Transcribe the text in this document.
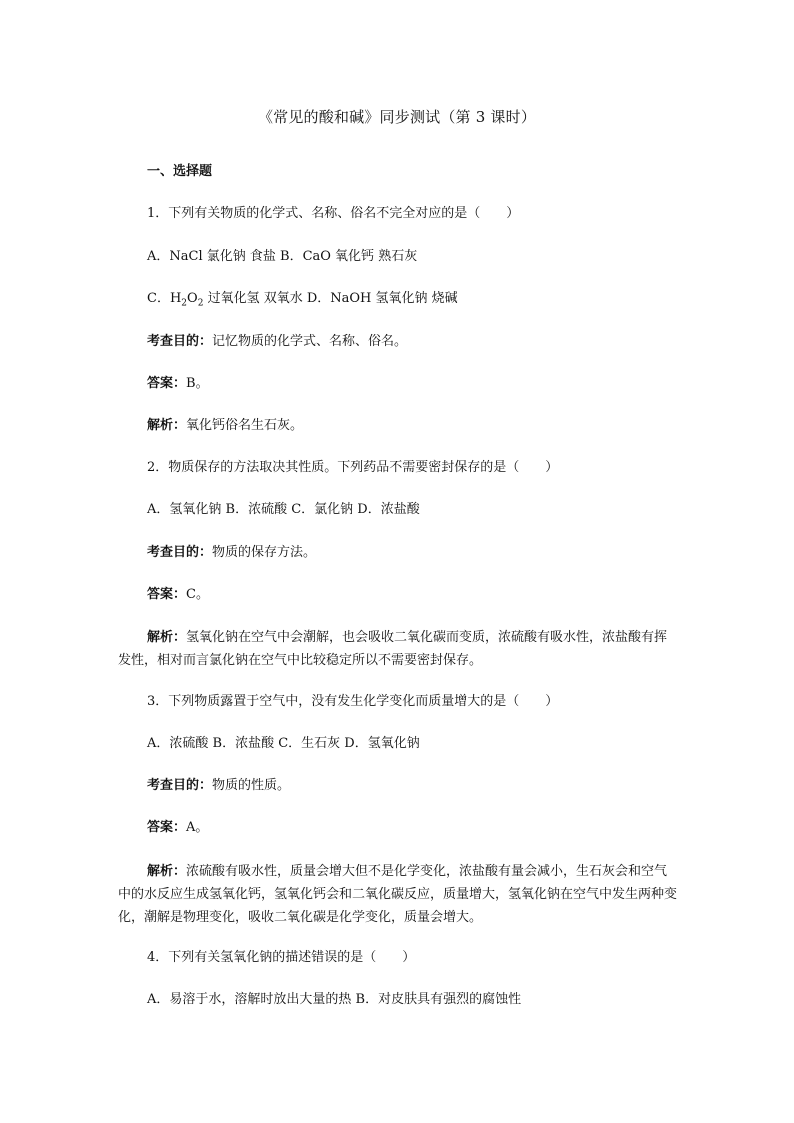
《常见的酸和碱》同步测试（第 3 课时）
一、选择题
1．下列有关物质的化学式、名称、俗名不完全对应的是（　　）
A．NaCl 氯化钠 食盐 B．CaO 氧化钙 熟石灰
C．$H_2O_2$ 过氧化氢 双氧水 D．NaOH 氢氧化钠 烧碱
考查目的：记忆物质的化学式、名称、俗名。
答案：B。
解析：氧化钙俗名生石灰。
2．物质保存的方法取决其性质。下列药品不需要密封保存的是​（　　）
A．氢氧化钠 B．浓硫酸 C．氯化钠 D．浓盐酸
考查目的：物质的保存方法。
答案：C。
解析：氢氧化钠在空气中会潮解，也会吸收二氧化碳而变质，浓硫酸有吸水性，浓盐酸有挥发性，相对而言氯化钠在空气中比较稳定所以不需要密封保存。
3．下列物质露置于空气中，没有发生化学变化而质量增大的是（　　）
A．浓硫酸 B．浓盐酸 C．生石灰 D．氢氧化钠
考查目的：物质的性质。
答案：A。
解析：浓硫酸有吸水性，质量会增大但不是化学变化，浓盐酸有量会减小，生石灰会和空气中的水反应生成氢氧化钙，氢氧化钙会和二氧化碳反应，质量增大，氢氧化钠在空气中发生两种变化，潮解是物理变化，吸收二氧化碳是化学变化，质量会增大。
4．下列有关氢氧化钠的描述错误的是（　　）
A．易溶于水，溶解时放出大量的热 B．对皮肤具有强烈的腐蚀性
